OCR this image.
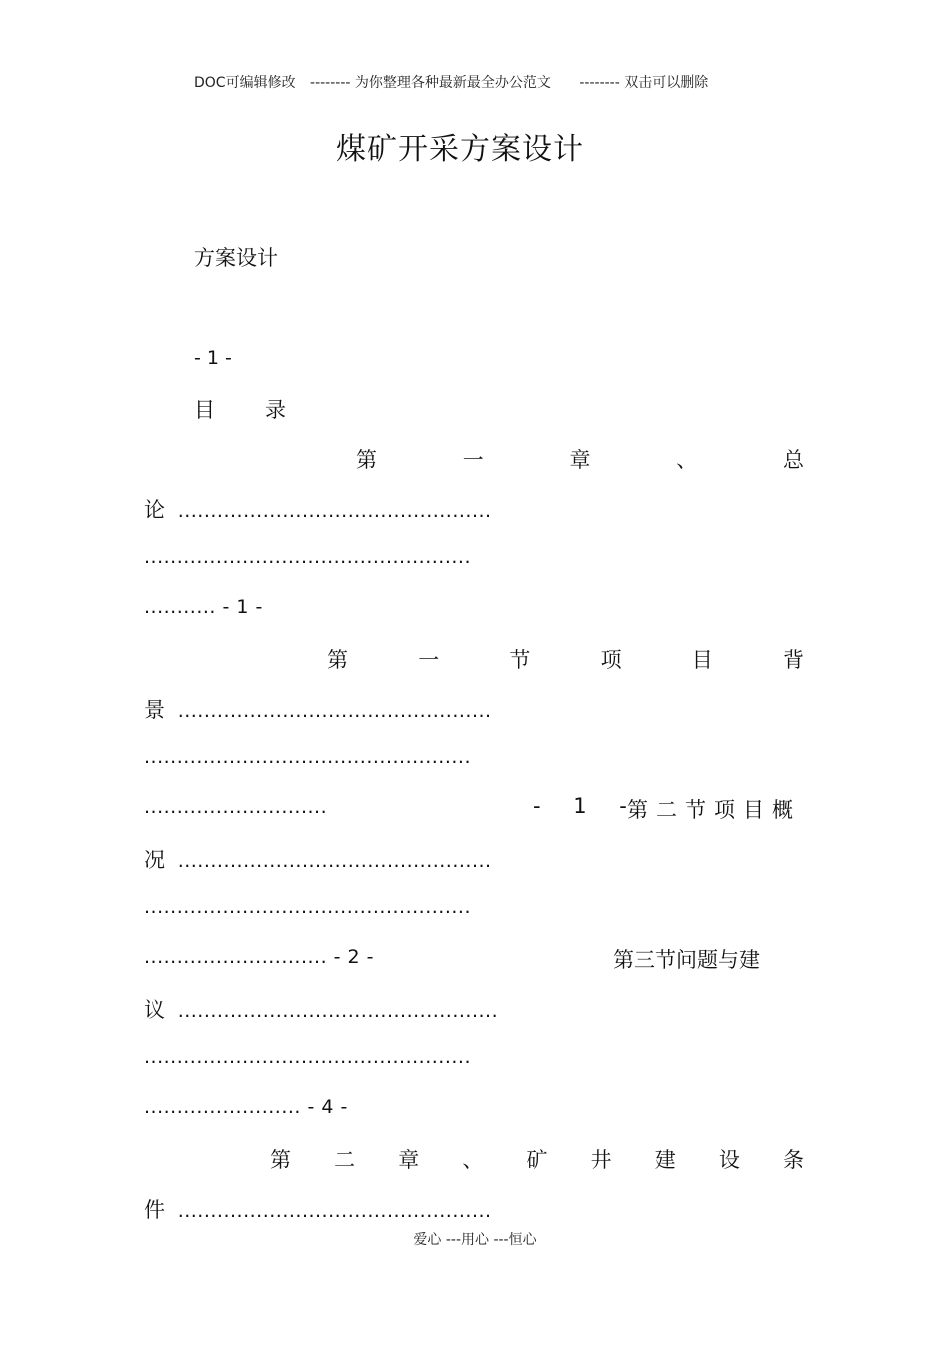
DOC可编辑修改 -------- 为你整理各种最新最全办公范文 -------- 双击可以删除
煤矿开采方案设计
方案设计
- 1 -
目录
第	一	章	、	总
论 ................................................
..................................................
........... - 1 -
第	一	节	项	目	背
景 ................................................
..................................................
............................	- 1 -
第二节项目概
况 ................................................
..................................................
............................ - 2 -	第三节问题与建
议 .................................................
..................................................
........................ - 4 -
第 二 章 、 矿 井 建 设 条
件 ................................................
爱心 ---用心 ---恒心
